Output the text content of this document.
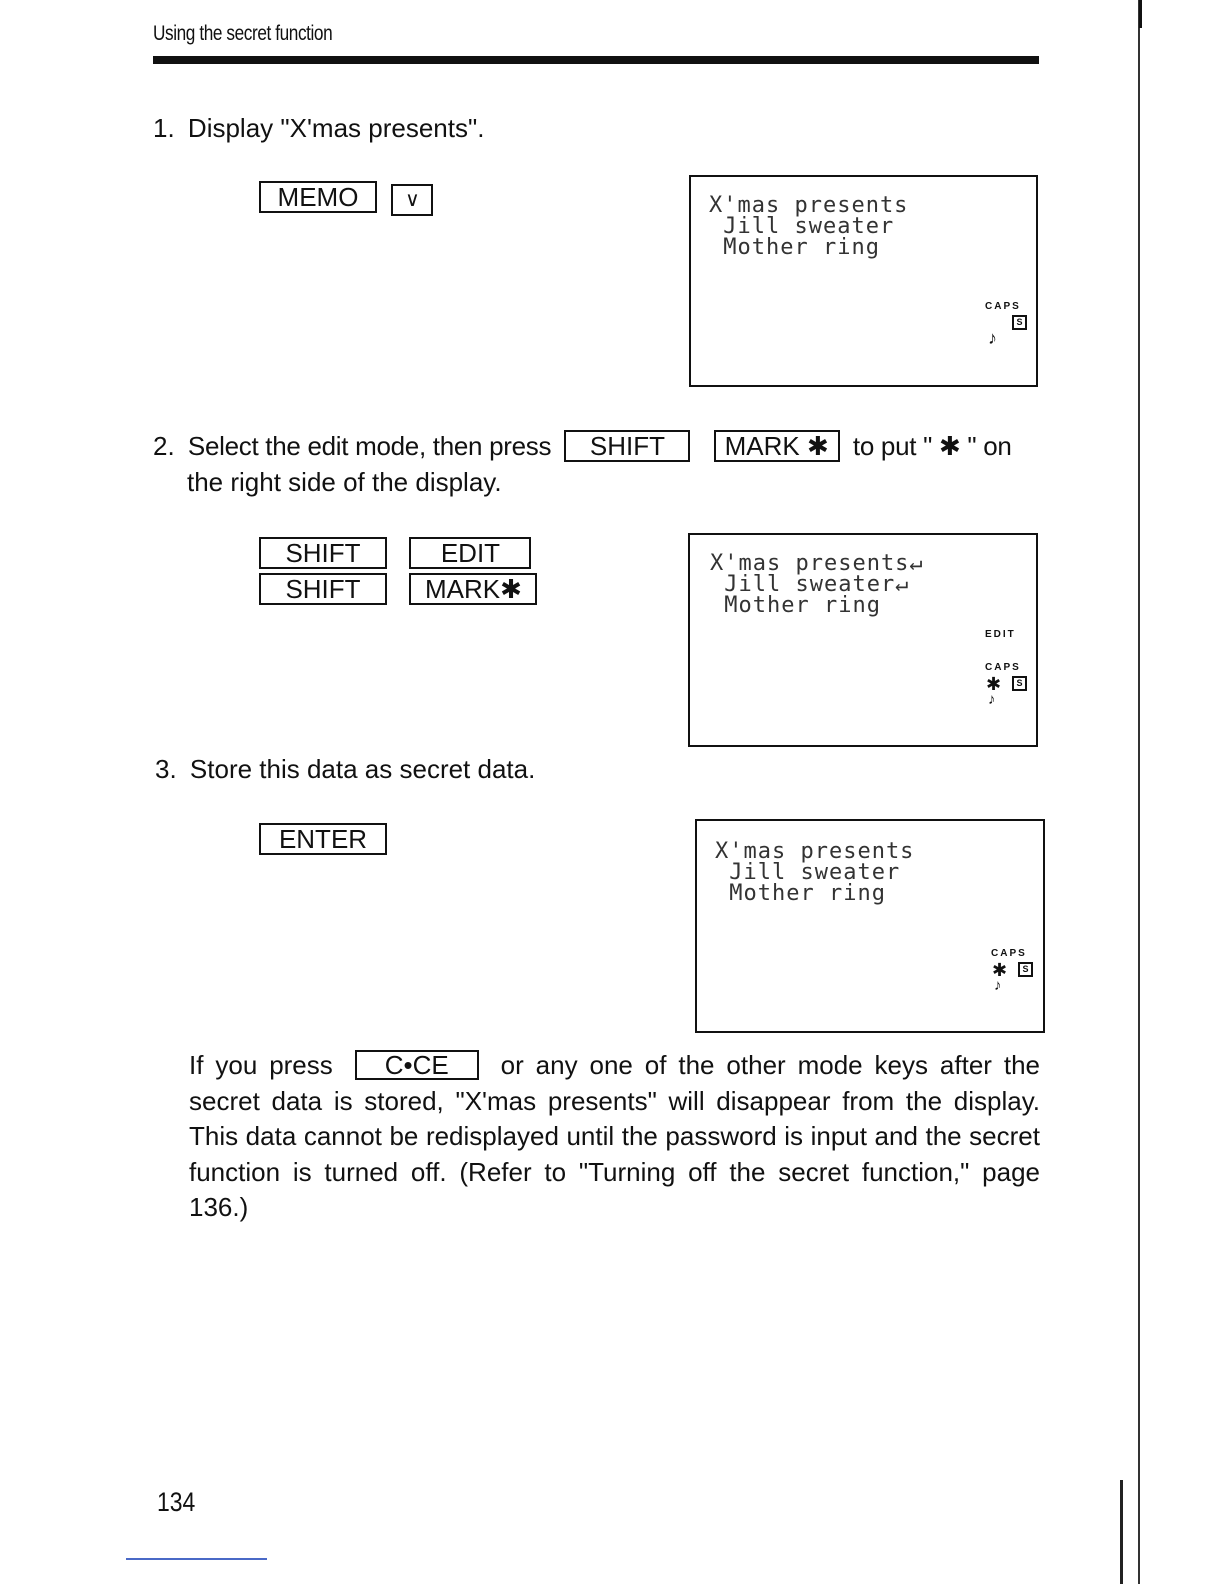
Using the secret function
1. Display "X'mas presents".
MEMO ∨	X'mas presents
Jill sweater
Mother ring
CAPS
S
♪
2. Select the edit mode, then press SHIFT MARK ✱ to put " ✱ " on
the right side of the display.
SHIFT	EDIT
SHIFT MARK✱
X'mas presents↵
Jill sweater↵
Mother ring
EDIT
CAPS
✱	S
♪
3. Store this data as secret data.
ENTER	X'mas presents
Jill sweater
Mother ring
CAPS
✱	S
♪
If you press C•CE or any one of the other mode keys after the secret data is stored, "X'mas presents" will disappear from the display. This data cannot be redisplayed until the password is input and the secret function is turned off. (Refer to "Turning off the secret function," page 136.)
134
